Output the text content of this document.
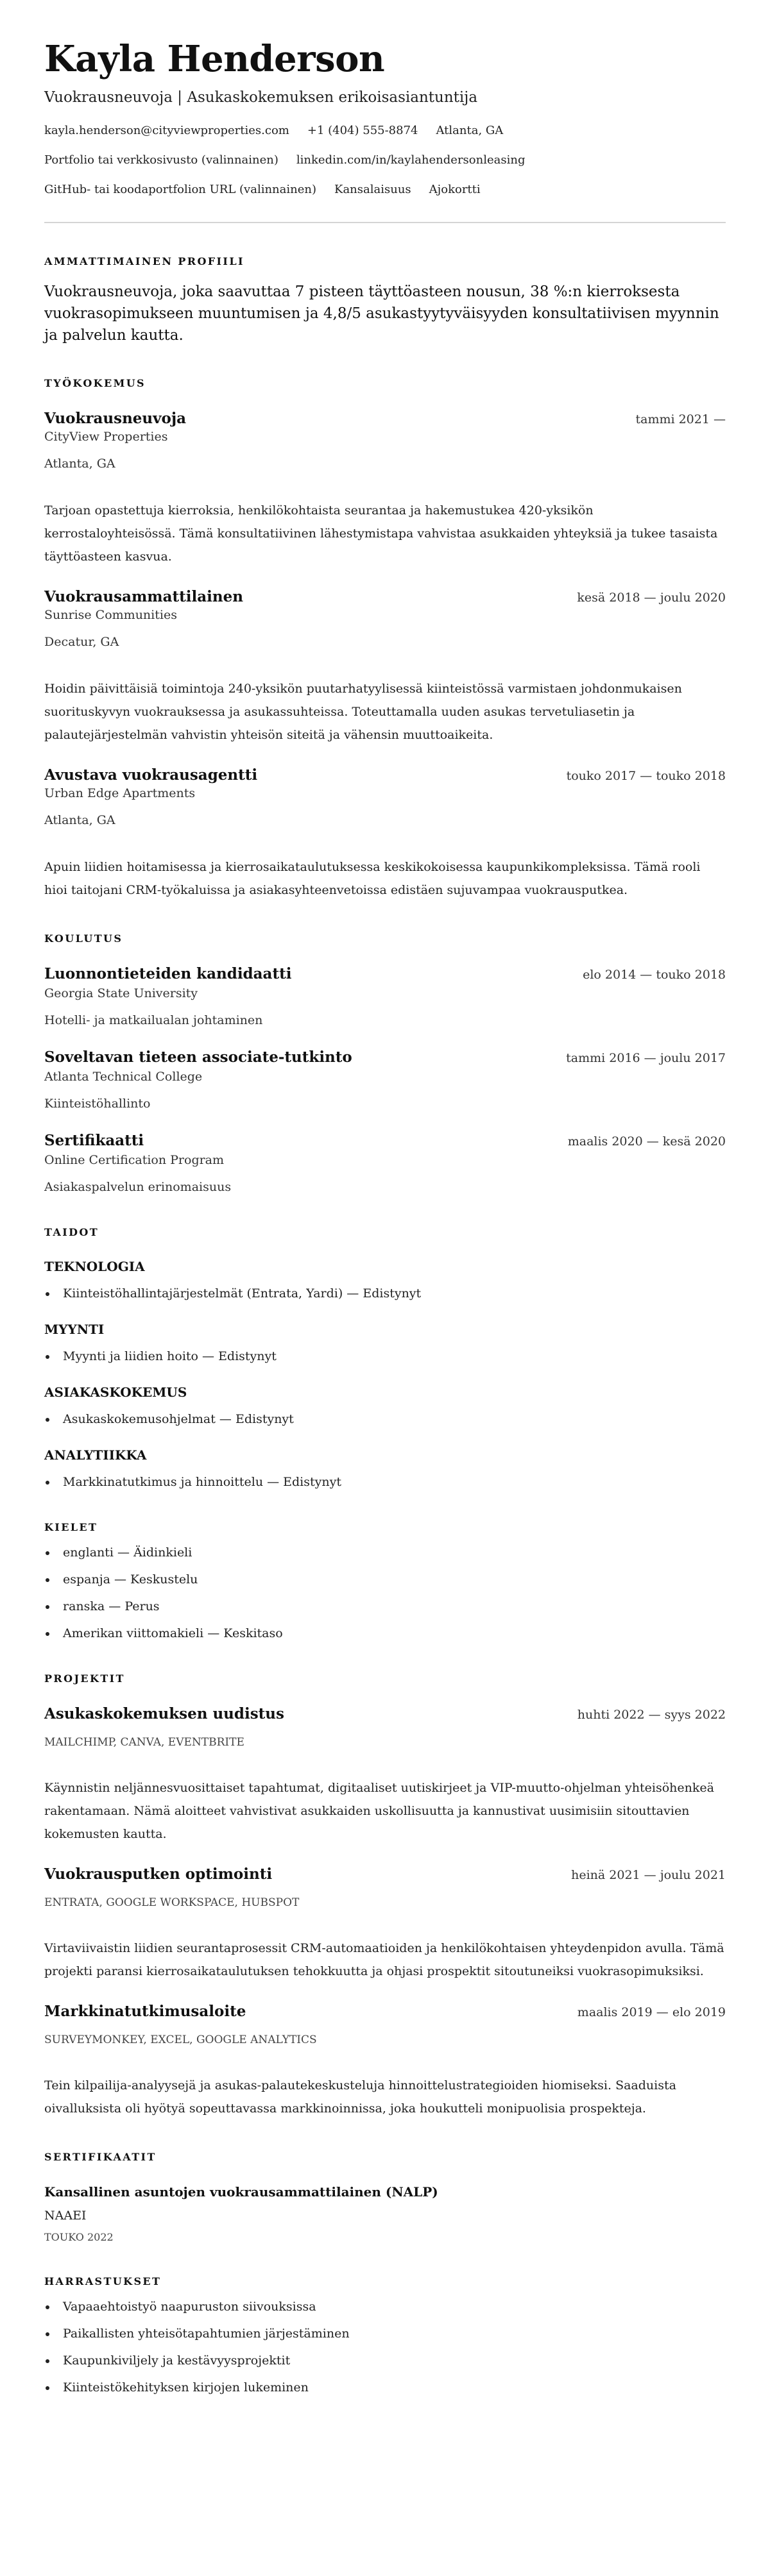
Kayla Henderson
Vuokrausneuvoja | Asukaskokemuksen erikoisasiantuntija
kayla.henderson@cityviewproperties.com +1 (404) 555-8874 Atlanta, GA
Portfolio tai verkkosivusto (valinnainen) linkedin.com/in/kaylahendersonleasing
GitHub- tai koodaportfolion URL (valinnainen) Kansalaisuus Ajokortti
AMMATTIMAINEN PROFIILI

Vuokrausneuvoja, joka saavuttaa 7 pisteen täyttöasteen nousun, 38 %:n kierroksesta vuokrasopimukseen muuntumisen ja 4,8/5 asukastyytyväisyyden konsultatiivisen myynnin ja palvelun kautta.

TYÖKOKEMUS
Vuokrausneuvoja	tammi 2021 —
CityView Properties
Atlanta, GA

Tarjoan opastettuja kierroksia, henkilökohtaista seurantaa ja hakemustukea 420-yksikön kerrostaloyhteisössä. Tämä konsultatiivinen lähestymistapa vahvistaa asukkaiden yhteyksiä ja tukee tasaista täyttöasteen kasvua.

Vuokrausammattilainen	kesä 2018 — joulu 2020
Sunrise Communities
Decatur, GA

Hoidin päivittäisiä toimintoja 240-yksikön puutarhatyylisessä kiinteistössä varmistaen johdonmukaisen suorituskyvyn vuokrauksessa ja asukassuhteissa. Toteuttamalla uuden asukas tervetuliasetin ja palautejärjestelmän vahvistin yhteisön siteitä ja vähensin muuttoaikeita.

Avustava vuokrausagentti	touko 2017 — touko 2018
Urban Edge Apartments
Atlanta, GA

Apuin liidien hoitamisessa ja kierrosaikataulutuksessa keskikokoisessa kaupunkikompleksissa. Tämä rooli hioi taitojani CRM-työkaluissa ja asiakasyhteenvetoissa edistäen sujuvampaa vuokrausputkea.

KOULUTUS
Luonnontieteiden kandidaatti	elo 2014 — touko 2018
Georgia State University
Hotelli- ja matkailualan johtaminen
Soveltavan tieteen associate-tutkinto	tammi 2016 — joulu 2017
Atlanta Technical College
Kiinteistöhallinto
Sertifikaatti	maalis 2020 — kesä 2020
Online Certification Program
Asiakaspalvelun erinomaisuus
TAIDOT
TEKNOLOGIA
Kiinteistöhallintajärjestelmät (Entrata, Yardi) — Edistynyt
MYYNTI
Myynti ja liidien hoito — Edistynyt
ASIAKASKOKEMUS
Asukaskokemusohjelmat — Edistynyt
ANALYTIIKKA
Markkinatutkimus ja hinnoittelu — Edistynyt
KIELET
englanti — Äidinkieli
espanja — Keskustelu
ranska — Perus
Amerikan viittomakieli — Keskitaso
PROJEKTIT
Asukaskokemuksen uudistus	huhti 2022 — syys 2022
MAILCHIMP, CANVA, EVENTBRITE

Käynnistin neljännesvuosittaiset tapahtumat, digitaaliset uutiskirjeet ja VIP-muutto-ohjelman yhteisöhenkeä rakentamaan. Nämä aloitteet vahvistivat asukkaiden uskollisuutta ja kannustivat uusimisiin sitouttavien kokemusten kautta.

Vuokrausputken optimointi	heinä 2021 — joulu 2021
ENTRATA, GOOGLE WORKSPACE, HUBSPOT

Virtaviivaistin liidien seurantaprosessit CRM-automaatioiden ja henkilökohtaisen yhteydenpidon avulla. Tämä projekti paransi kierrosaikataulutuksen tehokkuutta ja ohjasi prospektit sitoutuneiksi vuokrasopimuksiksi.

Markkinatutkimusaloite	maalis 2019 — elo 2019
SURVEYMONKEY, EXCEL, GOOGLE ANALYTICS

Tein kilpailija-analyysejä ja asukas-palautekeskusteluja hinnoittelustrategioiden hiomiseksi. Saaduista oivalluksista oli hyötyä sopeuttavassa markkinoinnissa, joka houkutteli monipuolisia prospekteja.

SERTIFIKAATIT
Kansallinen asuntojen vuokrausammattilainen (NALP)
NAAEI
TOUKO 2022
HARRASTUKSET
Vapaaehtoistyö naapuruston siivouksissa
Paikallisten yhteisötapahtumien järjestäminen
Kaupunkiviljely ja kestävyysprojektit
Kiinteistökehityksen kirjojen lukeminen
